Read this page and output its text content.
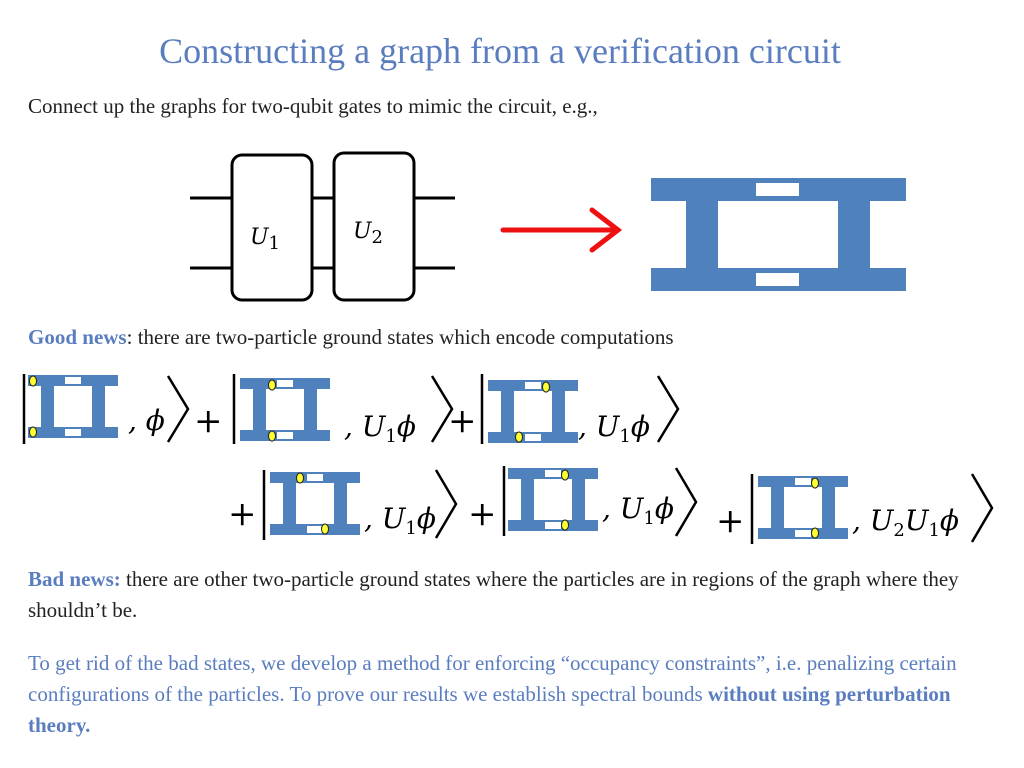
Constructing a graph from a verification circuit
Connect up the graphs for two-qubit gates to mimic the circuit, e.g.,
$U_1$	$U_2$
Good news: there are two-particle ground states which encode computations
, ϕ +	, $U_1\phi$ +	, $U_1\phi$
+	, $U_1\phi$ +	, $U_1\phi$ +	, $U_2U_1\phi$
Bad news: there are other two-particle ground states where the particles are in regions of the graph where they shouldn’t be.
To get rid of the bad states, we develop a method for enforcing “occupancy constraints”, i.e. penalizing certain configurations of the particles. To prove our results we establish spectral bounds without using perturbation theory.
